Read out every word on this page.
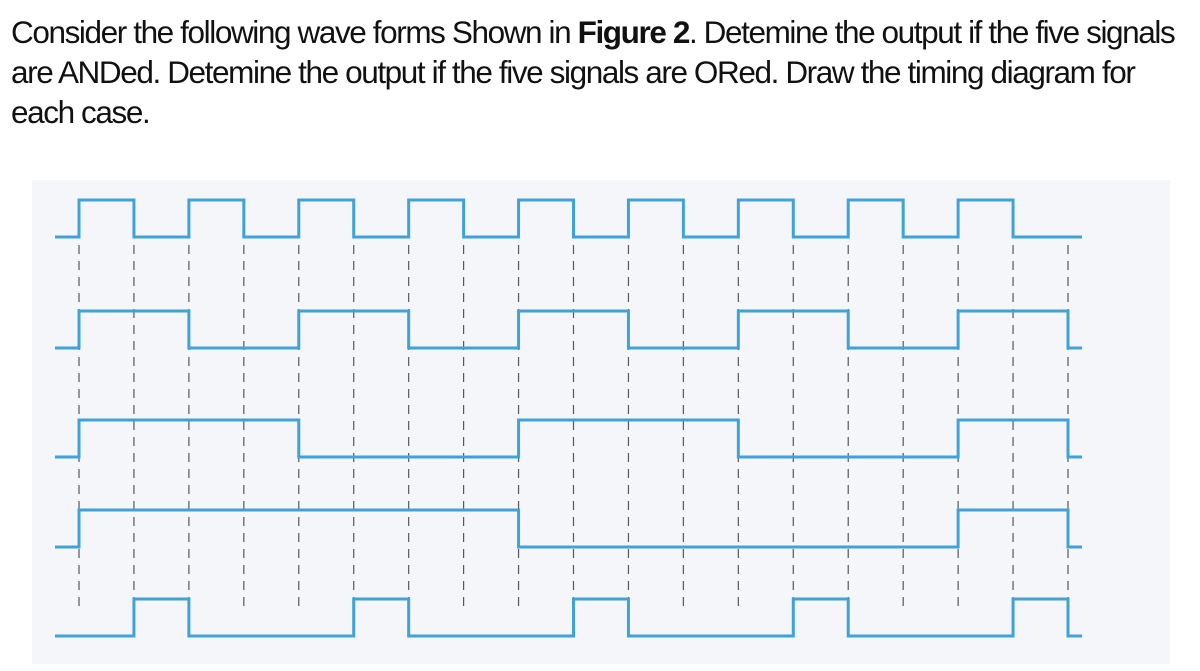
Consider the following wave forms Shown in Figure 2. Detemine the output if the five signals are ANDed. Detemine the output if the five signals are ORed. Draw the timing diagram for each case.
